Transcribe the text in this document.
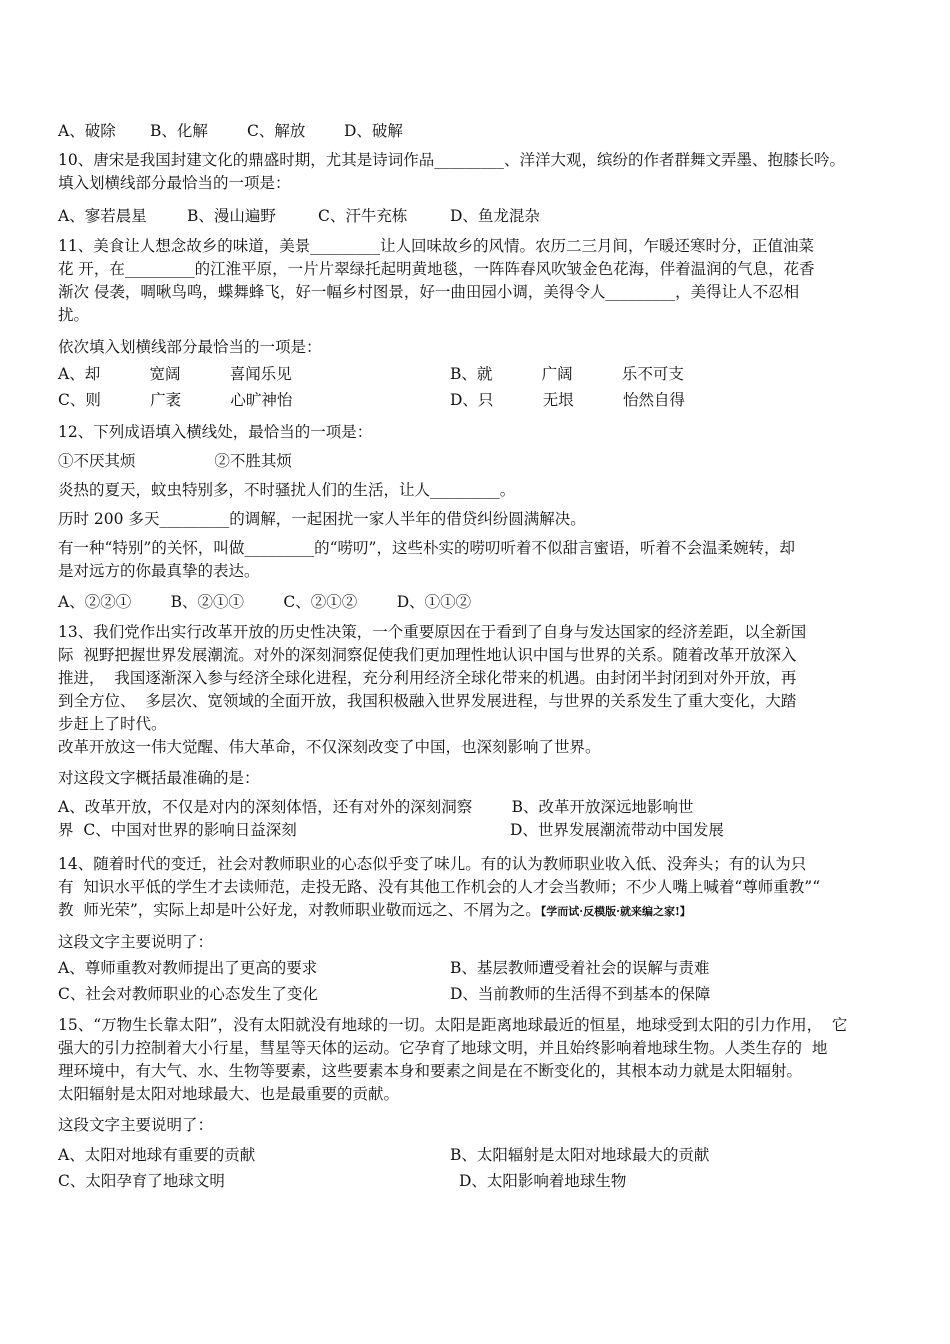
A、破除 B、化解	C、解放 D、破解
10、唐宋是我国封建文化的鼎盛时期，尤其是诗词作品_________、洋洋大观，缤纷的作者群舞文弄墨、抱膝长吟。
填入划横线部分最恰当的一项是：
A、寥若晨星	B、漫山遍野	C、汗牛充栋	D、鱼龙混杂
11、美食让人想念故乡的味道，美景_________让人回味故乡的风情。农历二三月间，乍暖还寒时分，正值油菜
花 开，在_________的江淮平原，一片片翠绿托起明黄地毯，一阵阵春风吹皱金色花海，伴着温润的气息，花香
渐次 侵袭，啁啾鸟鸣，蝶舞蜂飞，好一幅乡村图景，好一曲田园小调，美得令人_________，美得让人不忍相
扰。
依次填入划横线部分最恰当的一项是：
A、却          宽阔          喜闻乐见	B、就          广阔          乐不可支
C、则          广袤          心旷神怡	D、只          无垠          怡然自得
12、下列成语填入横线处，最恰当的一项是：
①不厌其烦                ②不胜其烦
炎热的夏天，蚊虫特别多，不时骚扰人们的生活，让人_________。
历时 200 多天_________的调解，一起困扰一家人半年的借贷纠纷圆满解决。
有一种“特别”的关怀，叫做_________的“唠叨”，这些朴实的唠叨听着不似甜言蜜语，听着不会温柔婉转，却
是对远方的你最真挚的表达。
A、②②①        B、②①①        C、②①②        D、①①②
13、我们党作出实行改革开放的历史性决策，一个重要原因在于看到了自身与发达国家的经济差距，以全新国
际  视野把握世界发展潮流。对外的深刻洞察促使我们更加理性地认识中国与世界的关系。随着改革开放深入
推进，  我国逐渐深入参与经济全球化进程，充分利用经济全球化带来的机遇。由封闭半封闭到对外开放，再
到全方位、  多层次、宽领域的全面开放，我国积极融入世界发展进程，与世界的关系发生了重大变化，大踏
步赶上了时代。
改革开放这一伟大觉醒、伟大革命，不仅深刻改变了中国，也深刻影响了世界。
对这段文字概括最准确的是：
A、改革开放，不仅是对内的深刻体悟，还有对外的深刻洞察        B、改革开放深远地影响世
界  C、中国对世界的影响日益深刻	D、世界发展潮流带动中国发展
14、随着时代的变迁，社会对教师职业的心态似乎变了味儿。有的认为教师职业收入低、没奔头；有的认为只
有  知识水平低的学生才去读师范，走投无路、没有其他工作机会的人才会当教师；不少人嘴上喊着“尊师重教”“
教  师光荣”，实际上却是叶公好龙，对教师职业敬而远之、不屑为之。【学而试·反模版·就来编之家!】
这段文字主要说明了：
A、尊师重教对教师提出了更高的要求	B、基层教师遭受着社会的误解与责难
C、社会对教师职业的心态发生了变化	D、当前教师的生活得不到基本的保障
15、“万物生长靠太阳”，没有太阳就没有地球的一切。太阳是距离地球最近的恒星，地球受到太阳的引力作用，  它
强大的引力控制着大小行星，彗星等天体的运动。它孕育了地球文明，并且始终影响着地球生物。人类生存的  地
理环境中，有大气、水、生物等要素，这些要素本身和要素之间是在不断变化的，其根本动力就是太阳辐射。
太阳辐射是太阳对地球最大、也是最重要的贡献。
这段文字主要说明了：
A、太阳对地球有重要的贡献	B、太阳辐射是太阳对地球最大的贡献
C、太阳孕育了地球文明	D、太阳影响着地球生物
